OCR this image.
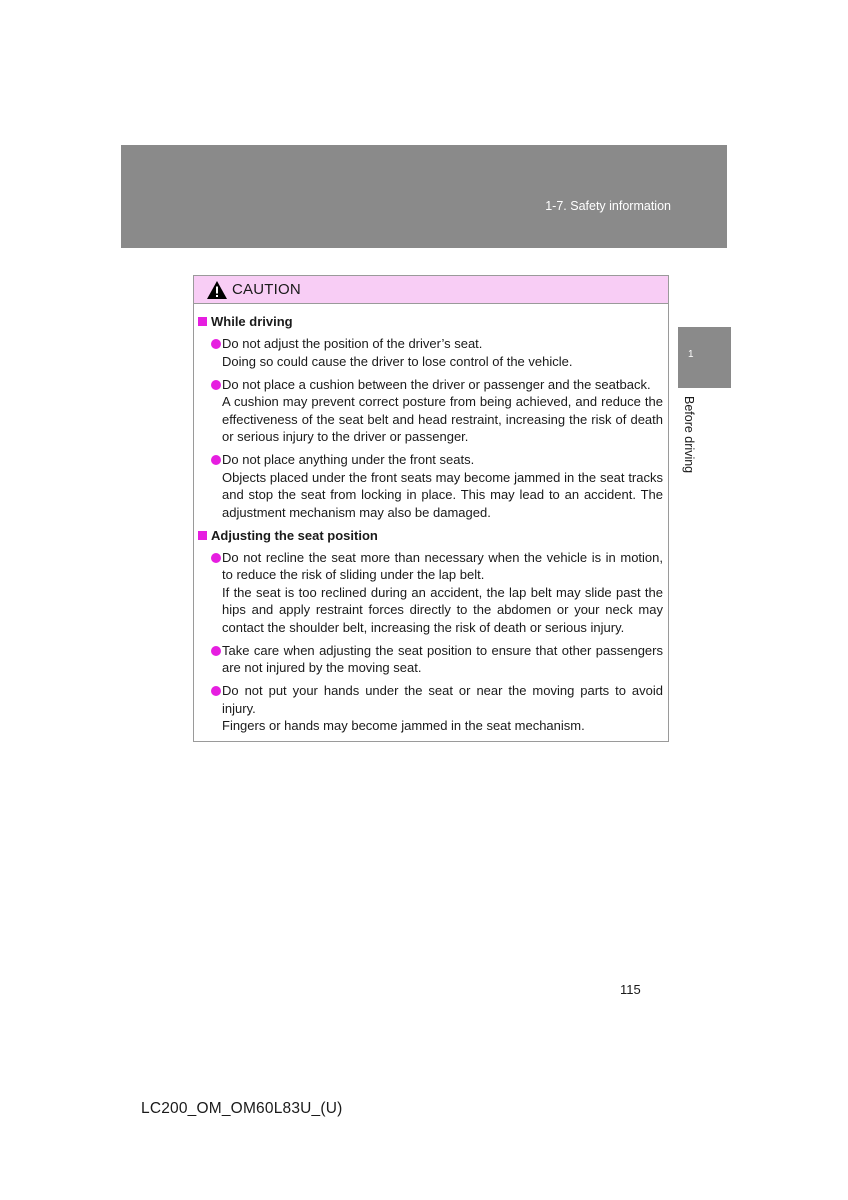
1-7. Safety information
1
Before driving
CAUTION
While driving
Do not adjust the position of the driver’s seat.
Doing so could cause the driver to lose control of the vehicle.
Do not place a cushion between the driver or passenger and the seatback.
A cushion may prevent correct posture from being achieved, and reduce the effectiveness of the seat belt and head restraint, increasing the risk of death or serious injury to the driver or passenger.
Do not place anything under the front seats.
Objects placed under the front seats may become jammed in the seat tracks and stop the seat from locking in place. This may lead to an accident. The adjustment mechanism may also be damaged.
Adjusting the seat position
Do not recline the seat more than necessary when the vehicle is in motion, to reduce the risk of sliding under the lap belt.
If the seat is too reclined during an accident, the lap belt may slide past the hips and apply restraint forces directly to the abdomen or your neck may contact the shoulder belt, increasing the risk of death or serious injury.
Take care when adjusting the seat position to ensure that other passengers are not injured by the moving seat.
Do not put your hands under the seat or near the moving parts to avoid injury.
Fingers or hands may become jammed in the seat mechanism.
115
LC200_OM_OM60L83U_(U)
